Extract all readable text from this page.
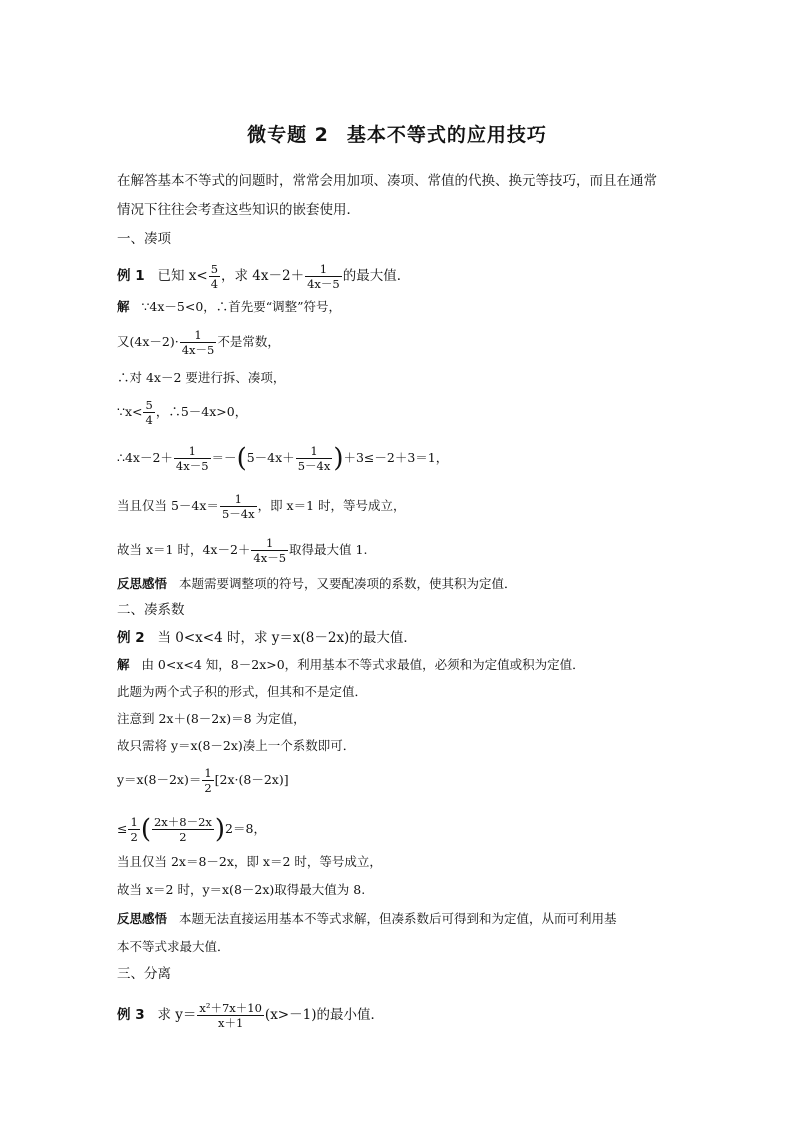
微专题 2 基本不等式的应用技巧
在解答基本不等式的问题时，常常会用加项、凑项、常值的代换、换元等技巧，而且在通常
情况下往往会考查这些知识的嵌套使用．
一、凑项
例 1 已知 $x< \frac{5}{4}$ ，求 $4x-2+ \frac{1}{4x-5}$ 的最大值．
解 ∵4x－5<0，∴首先要“调整”符号，
又$(4x-2)\cdot \frac{1}{4x-5}$ 不是常数，
∴对 4x－2 要进行拆、凑项，
∵x< $\frac{5}{4}$ ，∴5－4x>0，
∴4x－2＋ $\frac{1}{4x-5} =-(5-4x+ \frac{1}{5-4x} )+3\le-2+3=1$，
当且仅当 $5-4x= \frac{1}{5-4x}$ ，即 x＝1 时，等号成立，
故当 x＝1 时，$4x-2+ \frac{1}{4x-5}$ 取得最大值 1.
反思感悟 本题需要调整项的符号，又要配凑项的系数，使其积为定值．
二、凑系数
例 2 当 0<x<4 时，求 y＝x(8－2x)的最大值．
解 由 0<x<4 知，8－2x>0，利用基本不等式求最值，必须和为定值或积为定值．
此题为两个式子积的形式，但其和不是定值．
注意到 2x＋(8－2x)＝8 为定值，
故只需将 y＝x(8－2x)凑上一个系数即可．
$y=x(8-2x)= \frac{1}{2} [2x\cdot(8-2x)]$
≤ $\frac{1}{2}$ ( $\frac{2x+8-2x}{2} )2=8$，
当且仅当 2x＝8－2x，即 x＝2 时，等号成立，
故当 x＝2 时，y＝x(8－2x)取得最大值为 8.
反思感悟 本题无法直接运用基本不等式求解，但凑系数后可得到和为定值，从而可利用基
本不等式求最大值．
三、分离
例 3 求 $y= \frac{\text{x²＋7x＋10}}{x+1} (x>-1)$的最小值．
